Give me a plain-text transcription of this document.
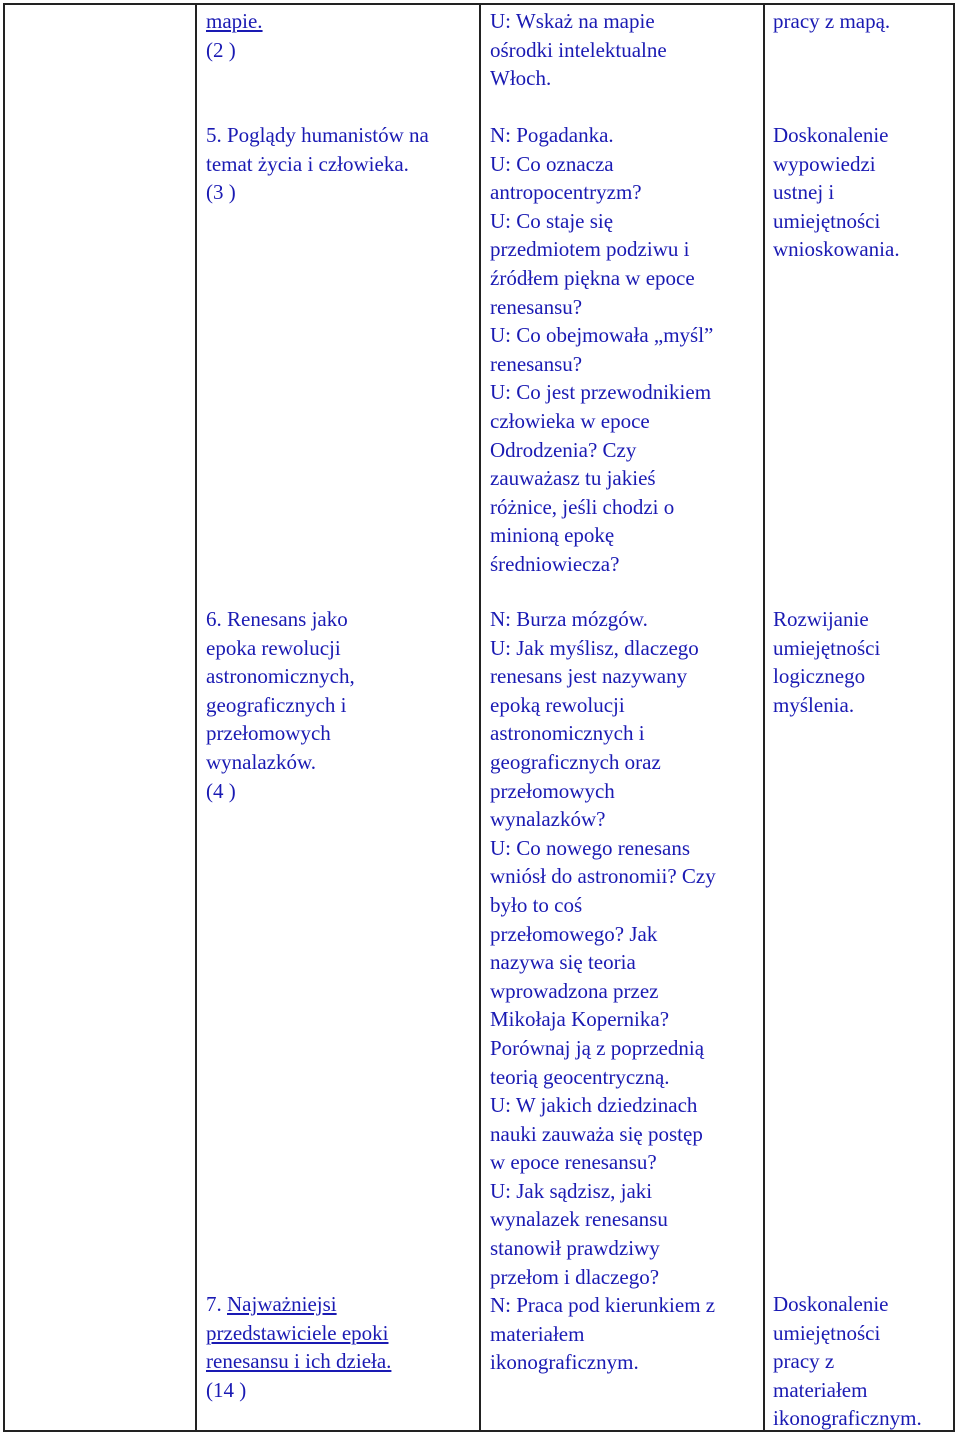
mapie.
(2 )
U: Wskaż na mapie
ośrodki intelektualne
Włoch.
pracy z mapą.
5. Poglądy humanistów na
temat życia i człowieka.
(3 )
N: Pogadanka.
U: Co oznacza
antropocentryzm?
U: Co staje się
przedmiotem podziwu i
źródłem piękna w epoce
renesansu?
U: Co obejmowała „myśl”
renesansu?
U: Co jest przewodnikiem
człowieka w epoce
Odrodzenia? Czy
zauważasz tu jakieś
różnice, jeśli chodzi o
minioną epokę
średniowiecza?
Doskonalenie
wypowiedzi
ustnej i
umiejętności
wnioskowania.
6. Renesans jako
epoka rewolucji
astronomicznych,
geograficznych i
przełomowych
wynalazków.
(4 )
N: Burza mózgów.
U: Jak myślisz, dlaczego
renesans jest nazywany
epoką rewolucji
astronomicznych i
geograficznych oraz
przełomowych
wynalazków?
U: Co nowego renesans
wniósł do astronomii? Czy
było to coś
przełomowego? Jak
nazywa się teoria
wprowadzona przez
Mikołaja Kopernika?
Porównaj ją z poprzednią
teorią geocentryczną.
U: W jakich dziedzinach
nauki zauważa się postęp
w epoce renesansu?
U: Jak sądzisz, jaki
wynalazek renesansu
stanowił prawdziwy
przełom i dlaczego?
N: Praca pod kierunkiem z
materiałem
ikonograficznym.
Rozwijanie
umiejętności
logicznego
myślenia.
7. Najważniejsi
przedstawiciele epoki
renesansu i ich dzieła.
(14 )
Doskonalenie
umiejętności
pracy z
materiałem
ikonograficznym.
